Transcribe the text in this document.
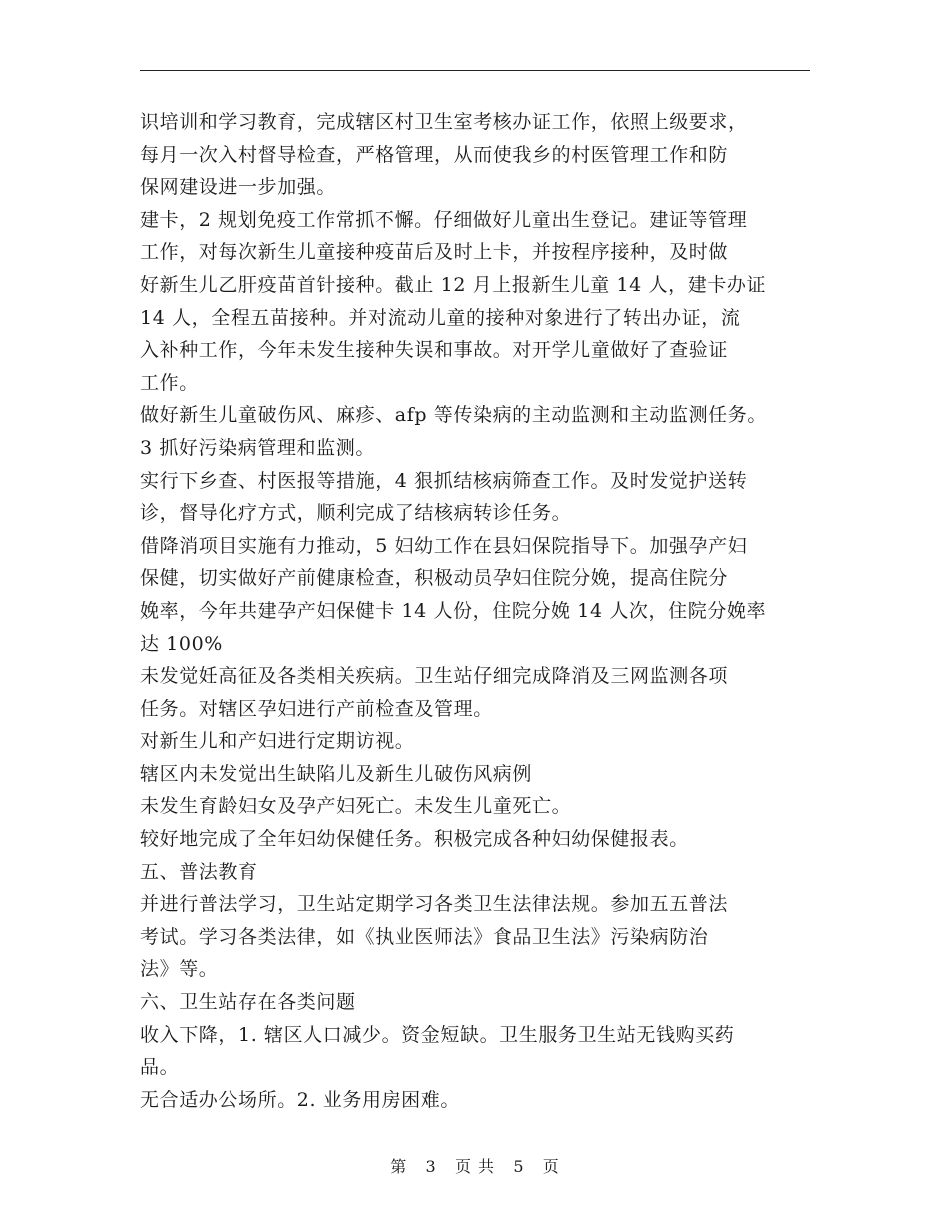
识培训和学习教育，完成辖区村卫生室考核办证工作，依照上级要求，
每月一次入村督导检查，严格管理，从而使我乡的村医管理工作和防
保网建设进一步加强。
建卡，2 规划免疫工作常抓不懈。仔细做好儿童出生登记。建证等管理
工作，对每次新生儿童接种疫苗后及时上卡，并按程序接种，及时做
好新生儿乙肝疫苗首针接种。截止 12 月上报新生儿童 14 人，建卡办证
14 人，全程五苗接种。并对流动儿童的接种对象进行了转出办证，流
入补种工作，今年未发生接种失误和事故。对开学儿童做好了查验证
工作。
做好新生儿童破伤风、麻疹、afp 等传染病的主动监测和主动监测任务。
3 抓好污染病管理和监测。
实行下乡查、村医报等措施，4 狠抓结核病筛查工作。及时发觉护送转
诊，督导化疗方式，顺利完成了结核病转诊任务。
借降消项目实施有力推动，5 妇幼工作在县妇保院指导下。加强孕产妇
保健，切实做好产前健康检查，积极动员孕妇住院分娩，提高住院分
娩率，今年共建孕产妇保健卡 14 人份，住院分娩 14 人次，住院分娩率
达 100%
未发觉妊高征及各类相关疾病。卫生站仔细完成降消及三网监测各项
任务。对辖区孕妇进行产前检查及管理。
对新生儿和产妇进行定期访视。
辖区内未发觉出生缺陷儿及新生儿破伤风病例
未发生育龄妇女及孕产妇死亡。未发生儿童死亡。
较好地完成了全年妇幼保健任务。积极完成各种妇幼保健报表。
五、普法教育
并进行普法学习，卫生站定期学习各类卫生法律法规。参加五五普法
考试。学习各类法律，如《执业医师法》食品卫生法》污染病防治
法》等。
六、卫生站存在各类问题
收入下降，1. 辖区人口减少。资金短缺。卫生服务卫生站无钱购买药
品。
无合适办公场所。2. 业务用房困难。
第 3 页 共 5 页
